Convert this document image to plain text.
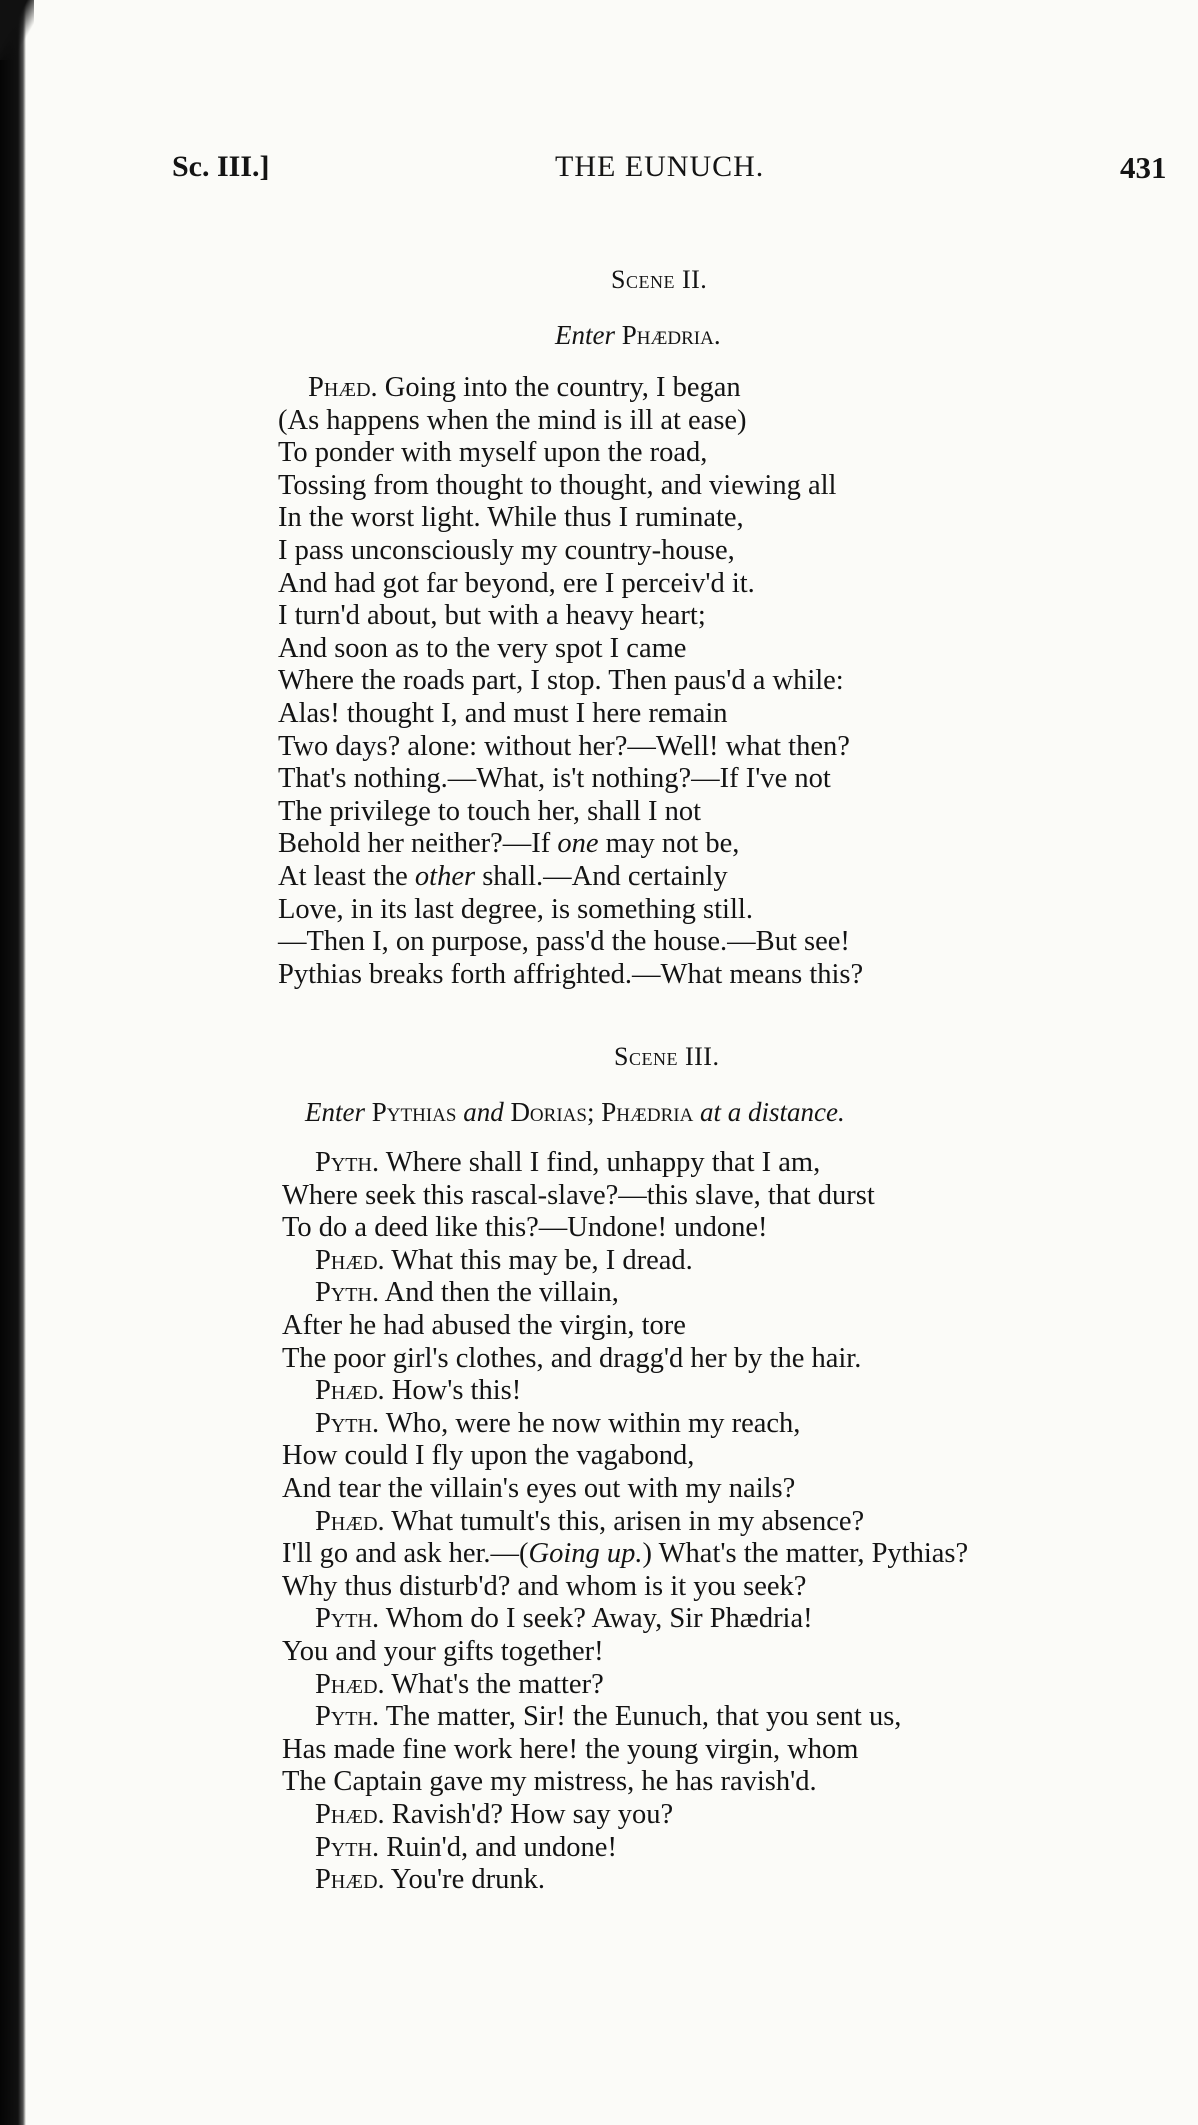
Sc. III.]	THE EUNUCH.	431
Scene II.
Enter Phædria.
Phæd. Going into the country, I began
(As happens when the mind is ill at ease)
To ponder with myself upon the road,
Tossing from thought to thought, and viewing all
In the worst light. While thus I ruminate,
I pass unconsciously my country-house,
And had got far beyond, ere I perceiv'd it.
I turn'd about, but with a heavy heart;
And soon as to the very spot I came
Where the roads part, I stop. Then paus'd a while:
Alas! thought I, and must I here remain
Two days? alone: without her?—Well! what then?
That's nothing.—What, is't nothing?—If I've not
The privilege to touch her, shall I not
Behold her neither?—If one may not be,
At least the other shall.—And certainly
Love, in its last degree, is something still.
—Then I, on purpose, pass'd the house.—But see!
Pythias breaks forth affrighted.—What means this?
Scene III.
Enter Pythias and Dorias; Phædria at a distance.
Pyth. Where shall I find, unhappy that I am,
Where seek this rascal-slave?—this slave, that durst
To do a deed like this?—Undone! undone!
Phæd. What this may be, I dread.
Pyth. And then the villain,
After he had abused the virgin, tore
The poor girl's clothes, and dragg'd her by the hair.
Phæd. How's this!
Pyth. Who, were he now within my reach,
How could I fly upon the vagabond,
And tear the villain's eyes out with my nails?
Phæd. What tumult's this, arisen in my absence?
I'll go and ask her.—(Going up.) What's the matter, Pythias?
Why thus disturb'd? and whom is it you seek?
Pyth. Whom do I seek? Away, Sir Phædria!
You and your gifts together!
Phæd. What's the matter?
Pyth. The matter, Sir! the Eunuch, that you sent us,
Has made fine work here! the young virgin, whom
The Captain gave my mistress, he has ravish'd.
Phæd. Ravish'd? How say you?
Pyth. Ruin'd, and undone!
Phæd. You're drunk.
